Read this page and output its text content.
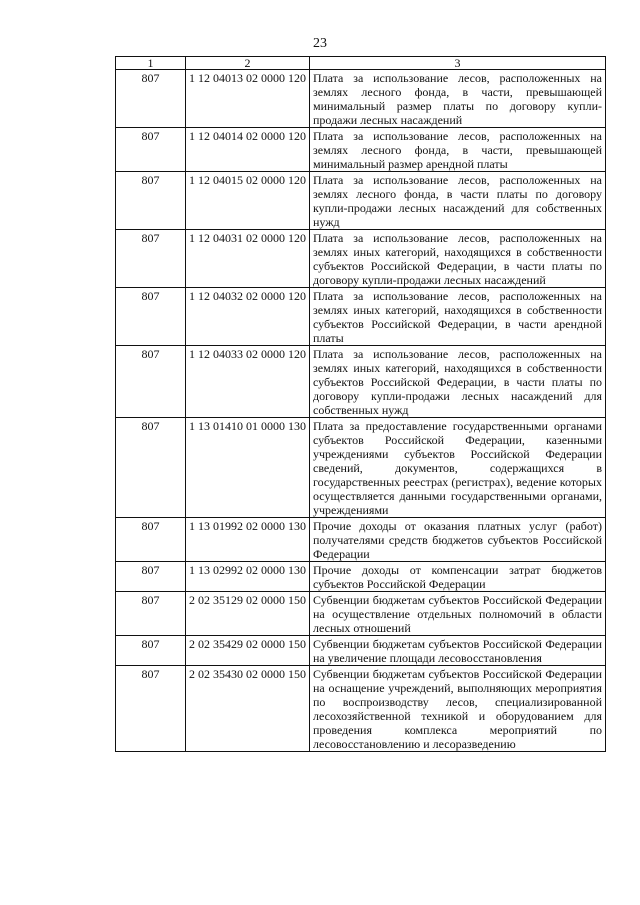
23
1	2	3
807	1 12 04013 02 0000 120	Плата за использование лесов, расположенных на землях лесного фонда, в части, превышающей минимальный размер платы по договору купли-продажи лесных насаждений
807	1 12 04014 02 0000 120	Плата за использование лесов, расположенных на землях лесного фонда, в части, превышающей минимальный размер арендной платы
807	1 12 04015 02 0000 120	Плата за использование лесов, расположенных на землях лесного фонда, в части платы по договору купли-продажи лесных насаждений для собственных нужд
807	1 12 04031 02 0000 120	Плата за использование лесов, расположенных на землях иных категорий, находящихся в собственности субъектов Российской Федерации, в части платы по договору купли-продажи лесных насаждений
807	1 12 04032 02 0000 120	Плата за использование лесов, расположенных на землях иных категорий, находящихся в собственности субъектов Российской Федерации, в части арендной платы
807	1 12 04033 02 0000 120	Плата за использование лесов, расположенных на землях иных категорий, находящихся в собственности субъектов Российской Федерации, в части платы по договору купли-продажи лесных насаждений для собственных нужд
807	1 13 01410 01 0000 130	Плата за предоставление государственными органами субъектов Российской Федерации, казенными учреждениями субъектов Российской Федерации сведений, документов, содержащихся в государственных реестрах (регистрах), ведение которых осуществляется данными государственными органами, учреждениями
807	1 13 01992 02 0000 130	Прочие доходы от оказания платных услуг (работ) получателями средств бюджетов субъектов Российской Федерации
807	1 13 02992 02 0000 130	Прочие доходы от компенсации затрат бюджетов субъектов Российской Федерации
807	2 02 35129 02 0000 150	Субвенции бюджетам субъектов Российской Федерации на осуществление отдельных полномочий в области лесных отношений
807	2 02 35429 02 0000 150	Субвенции бюджетам субъектов Российской Федерации на увеличение площади лесовосстановления
807	2 02 35430 02 0000 150	Субвенции бюджетам субъектов Российской Федерации на оснащение учреждений, выполняющих мероприятия по воспроизводству лесов, специализированной лесохозяйственной техникой и оборудованием для проведения комплекса мероприятий по лесовосстановлению и лесоразведению
